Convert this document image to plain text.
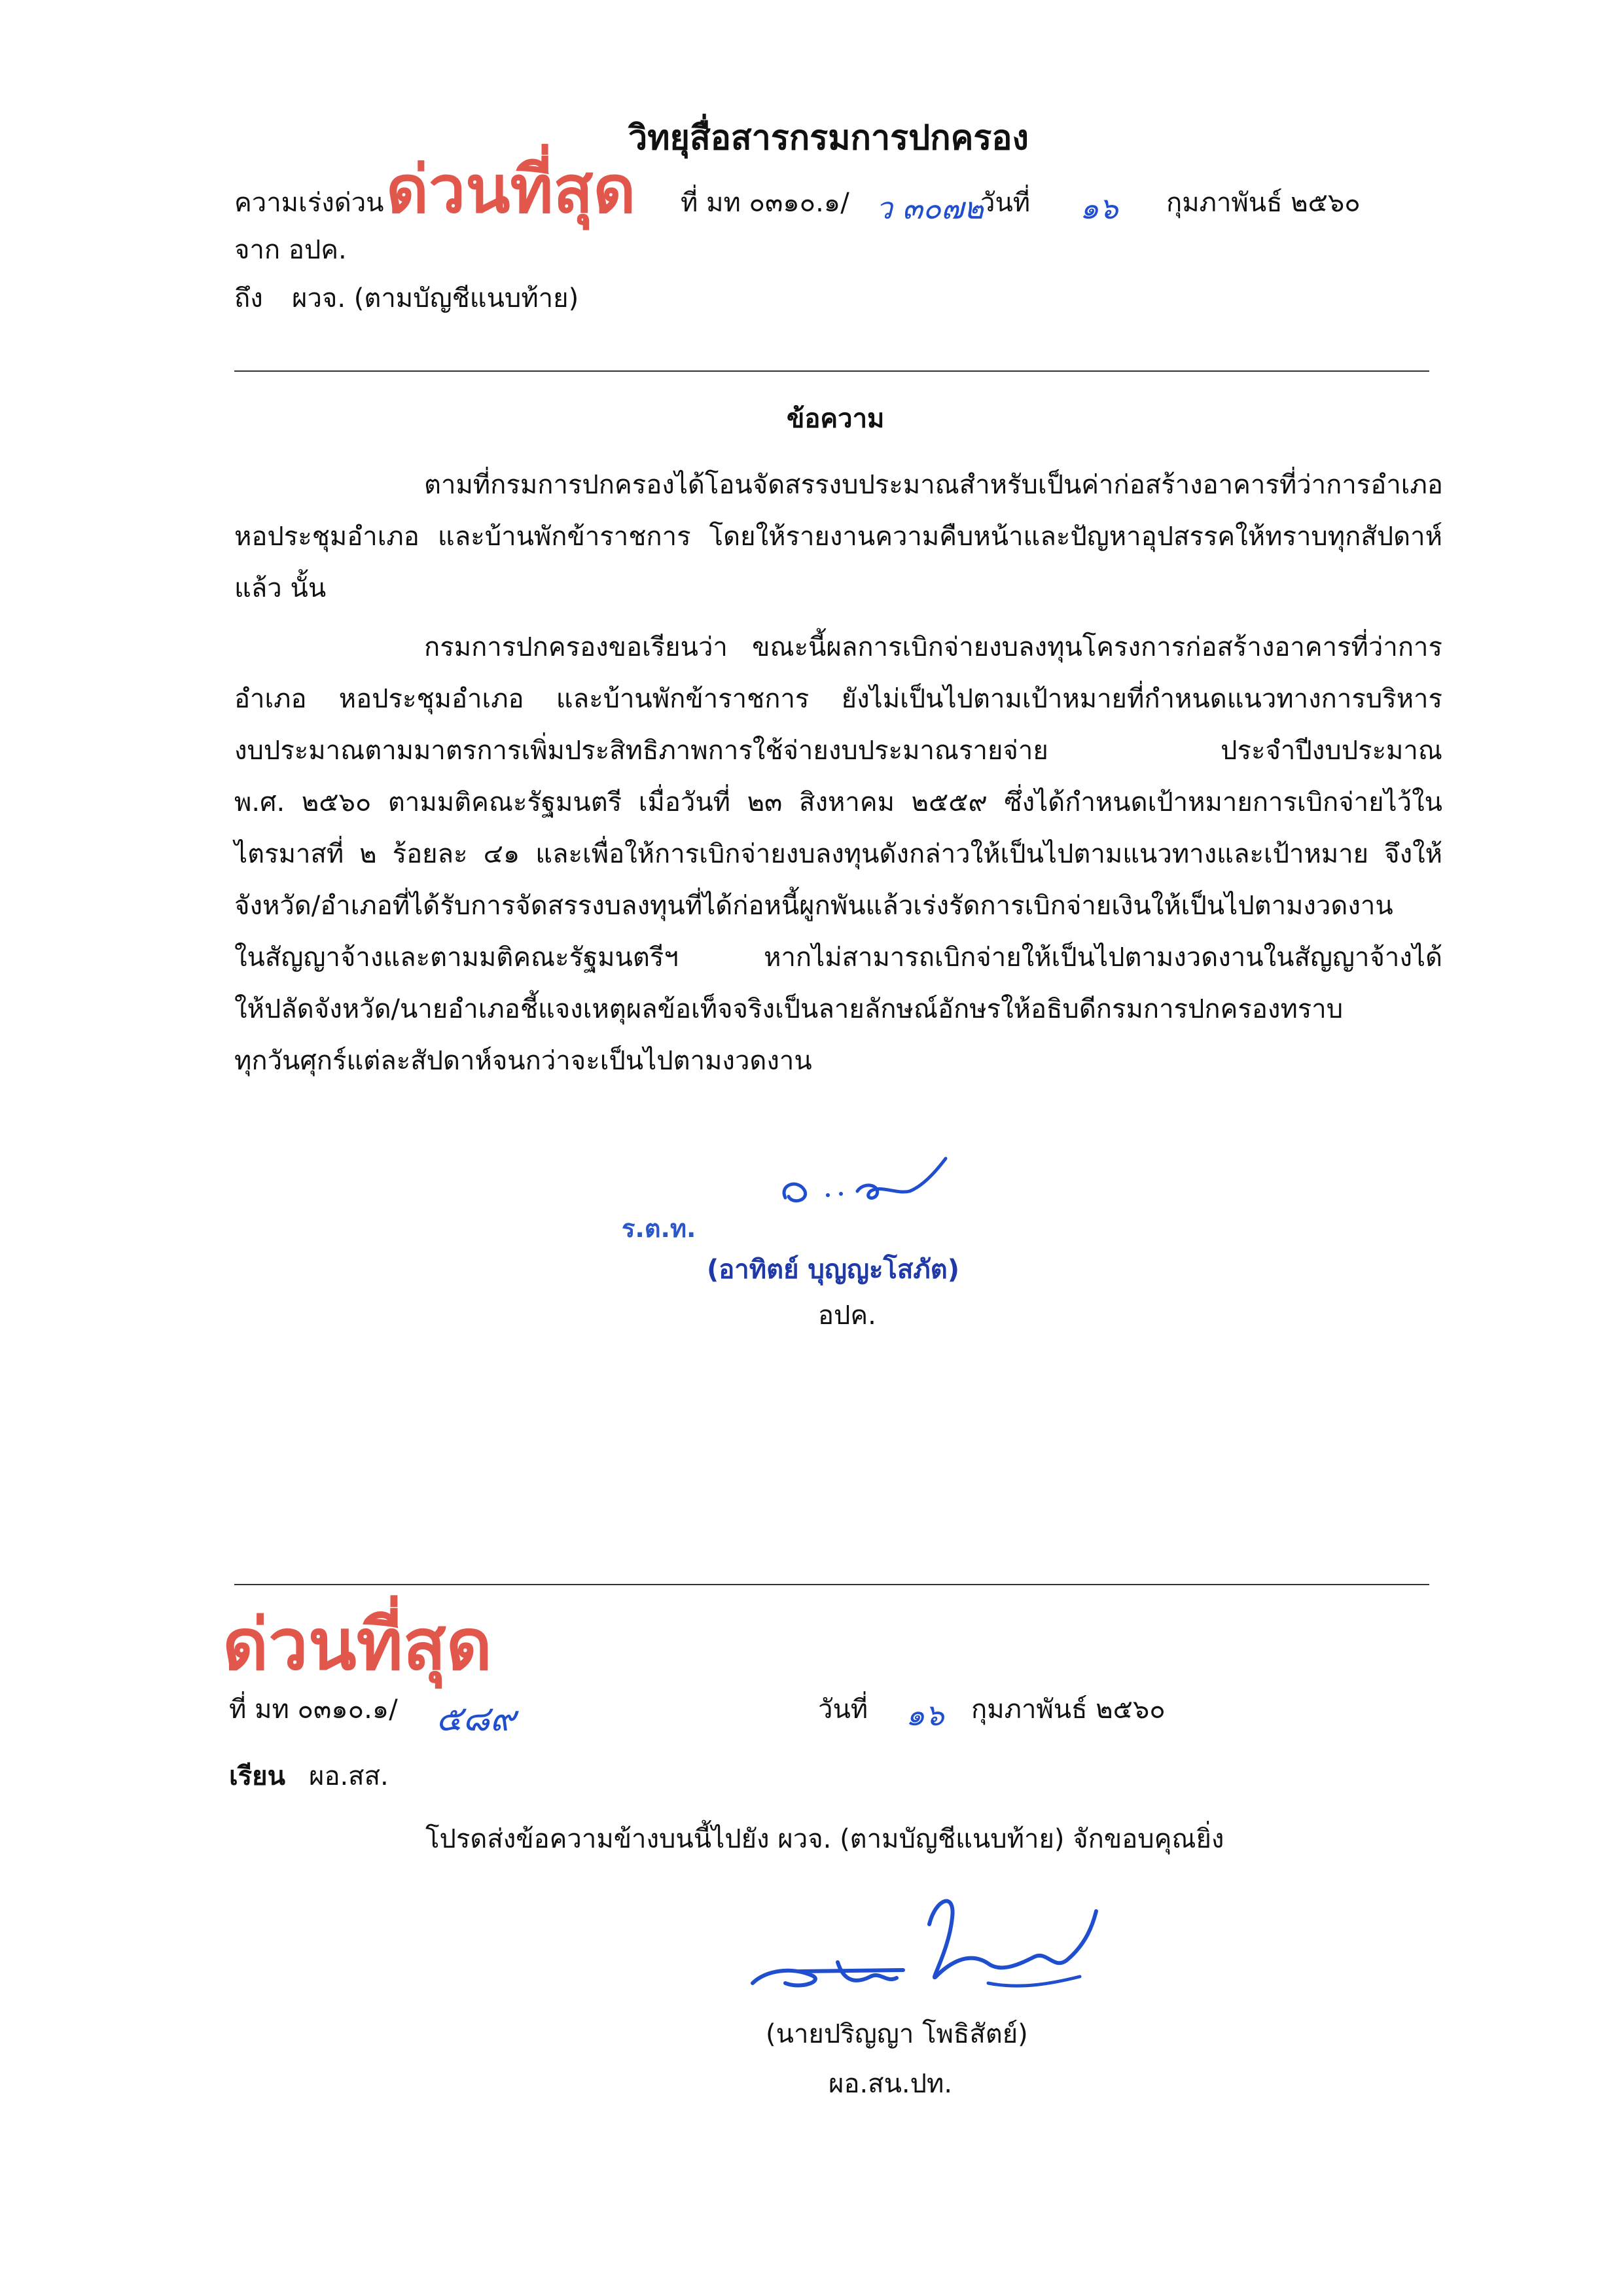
วิทยุสื่อสารกรมการปกครอง
ความเร่งด่วน ด่วนที่สุด ที่ มท ๐๓๑๐.๑/ ว ๓๐๗๒
วันที่ ๑๖ กุมภาพันธ์ ๒๕๖๐
จาก อปค.
ถึง ผวจ. (ตามบัญชีแนบท้าย)
ข้อความ
ตามที่กรมการปกครองได้โอนจัดสรรงบประมาณสำหรับเป็นค่าก่อสร้างอาคารที่ว่าการอำเภอ
หอประชุมอำเภอ และบ้านพักข้าราชการ โดยให้รายงานความคืบหน้าและปัญหาอุปสรรคให้ทราบทุกสัปดาห์
แล้ว นั้น
กรมการปกครองขอเรียนว่า ขณะนี้ผลการเบิกจ่ายงบลงทุนโครงการก่อสร้างอาคารที่ว่าการ
อำเภอ หอประชุมอำเภอ และบ้านพักข้าราชการ ยังไม่เป็นไปตามเป้าหมายที่กำหนดแนวทางการบริหาร
งบประมาณตามมาตรการเพิ่มประสิทธิภาพการใช้จ่ายงบประมาณรายจ่าย ประจำปีงบประมาณ
พ.ศ. ๒๕๖๐ ตามมติคณะรัฐมนตรี เมื่อวันที่ ๒๓ สิงหาคม ๒๕๕๙ ซึ่งได้กำหนดเป้าหมายการเบิกจ่ายไว้ใน
ไตรมาสที่ ๒ ร้อยละ ๔๑ และเพื่อให้การเบิกจ่ายงบลงทุนดังกล่าวให้เป็นไปตามแนวทางและเป้าหมาย จึงให้
จังหวัด/อำเภอที่ได้รับการจัดสรรงบลงทุนที่ได้ก่อหนี้ผูกพันแล้วเร่งรัดการเบิกจ่ายเงินให้เป็นไปตามงวดงาน
ในสัญญาจ้างและตามมติคณะรัฐมนตรีฯ หากไม่สามารถเบิกจ่ายให้เป็นไปตามงวดงานในสัญญาจ้างได้
ให้ปลัดจังหวัด/นายอำเภอชี้แจงเหตุผลข้อเท็จจริงเป็นลายลักษณ์อักษรให้อธิบดีกรมการปกครองทราบ
ทุกวันศุกร์แต่ละสัปดาห์จนกว่าจะเป็นไปตามงวดงาน
ร.ต.ท.
(อาทิตย์ บุญญะโสภัต)
อปค.
ด่วนที่สุด
ที่ มท ๐๓๑๐.๑/ ๕๘๙	วันที่ ๑๖ กุมภาพันธ์ ๒๕๖๐
เรียน ผอ.สส.
โปรดส่งข้อความข้างบนนี้ไปยัง ผวจ. (ตามบัญชีแนบท้าย) จักขอบคุณยิ่ง
(นายปริญญา โพธิสัตย์)
ผอ.สน.ปท.
